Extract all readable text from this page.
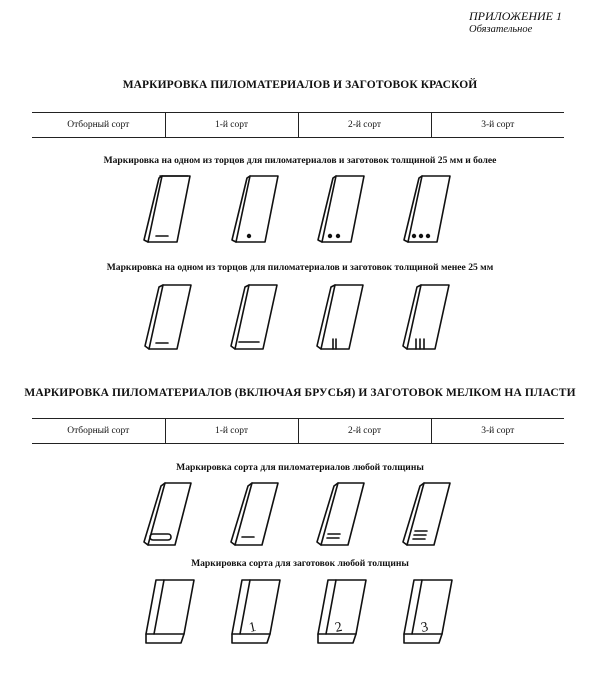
ПРИЛОЖЕНИЕ 1
Обязательное
МАРКИРОВКА ПИЛОМАТЕРИАЛОВ И ЗАГОТОВОК КРАСКОЙ
Отборный сорт	1-й сорт	2-й сорт	3-й сорт
Маркировка на одном из торцов для пиломатериалов и заготовок толщиной 25 мм и более
Маркировка на одном из торцов для пиломатериалов и заготовок толщиной менее 25 мм
МАРКИРОВКА ПИЛОМАТЕРИАЛОВ (ВКЛЮЧАЯ БРУСЬЯ) И ЗАГОТОВОК МЕЛКОМ НА ПЛАСТИ
Отборный сорт	1-й сорт	2-й сорт	3-й сорт
Маркировка сорта для пиломатериалов любой толщины
Маркировка сорта для заготовок любой толщины
1	2	3
